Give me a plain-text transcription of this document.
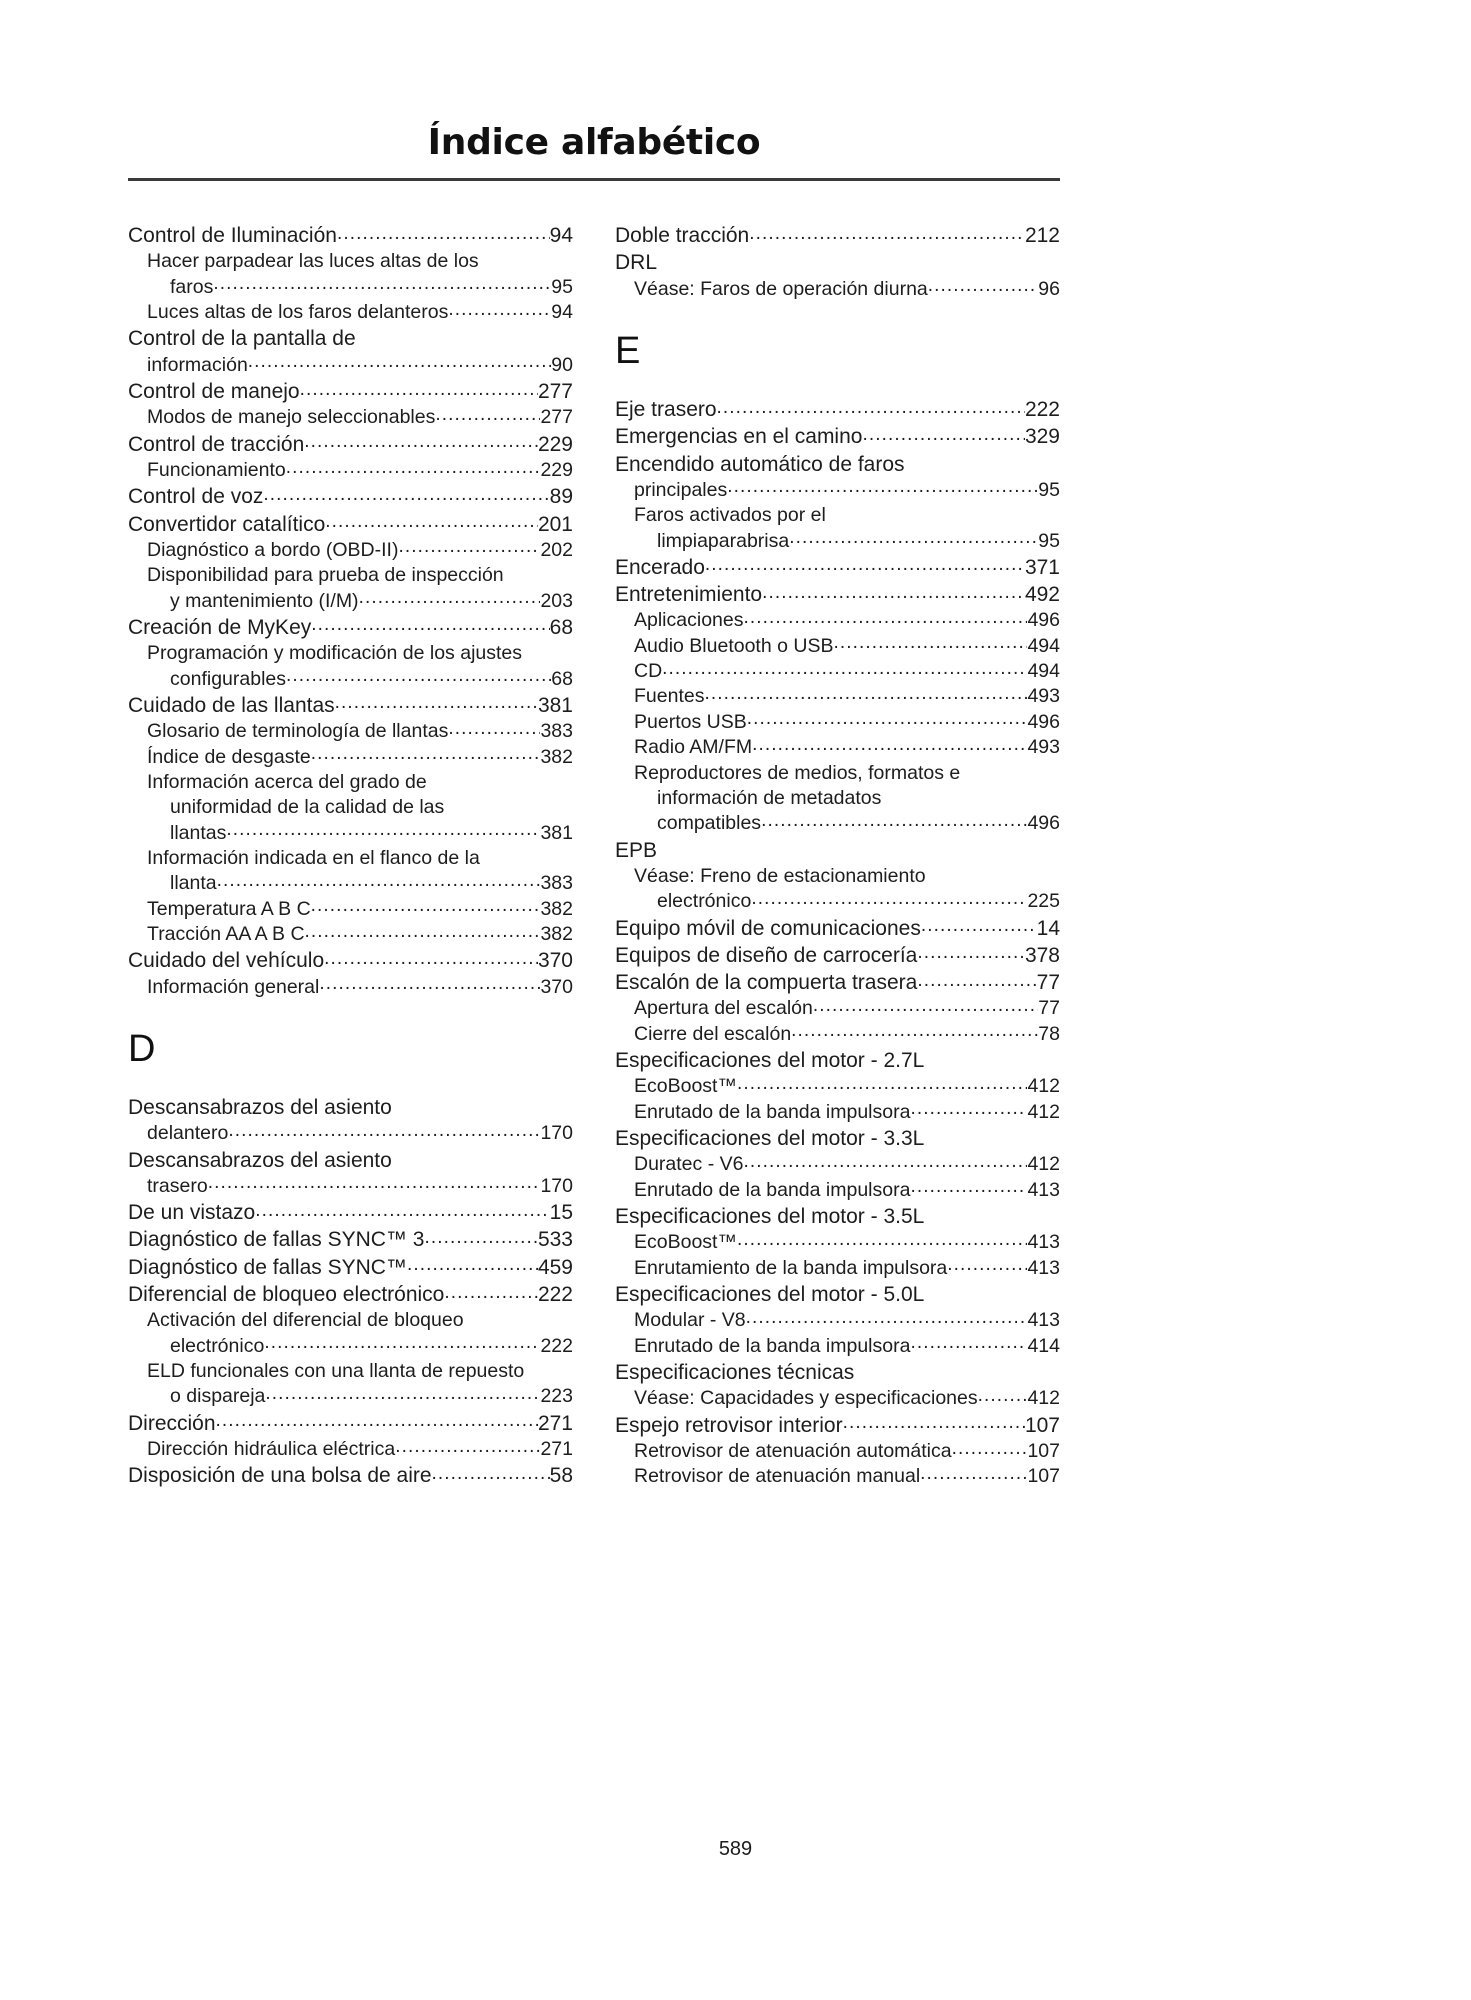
Índice alfabético
Control de Iluminación .....	94
Hacer parpadear las luces altas de los
faros .....	95
Luces altas de los faros delanteros .....	94
Control de la pantalla de
información .....	90
Control de manejo .....	277
Modos de manejo seleccionables .....	277
Control de tracción .....	229
Funcionamiento .....	229
Control de voz .....	89
Convertidor catalítico .....	201
Diagnóstico a bordo (OBD-II) .....	202
Disponibilidad para prueba de inspección
y mantenimiento (I/M) .....	203
Creación de MyKey .....	68
Programación y modificación de los ajustes
configurables .....	68
Cuidado de las llantas .....	381
Glosario de terminología de llantas .....	383
Índice de desgaste .....	382
Información acerca del grado de
uniformidad de la calidad de las
llantas .....	381
Información indicada en el flanco de la
llanta .....	383
Temperatura A B C .....	382
Tracción AA A B C .....	382
Cuidado del vehículo .....	370
Información general .....	370
D
Descansabrazos del asiento
delantero .....	170
Descansabrazos del asiento
trasero .....	170
De un vistazo .....	15
Diagnóstico de fallas SYNC™ 3 .....	533
Diagnóstico de fallas SYNC™ .....	459
Diferencial de bloqueo electrónico .....	222
Activación del diferencial de bloqueo
electrónico .....	222
ELD funcionales con una llanta de repuesto
o dispareja .....	223
Dirección .....	271
Dirección hidráulica eléctrica .....	271
Disposición de una bolsa de aire .....	58
Doble tracción .....	212
DRL
Véase: Faros de operación diurna .....	96
E
Eje trasero .....	222
Emergencias en el camino .....	329
Encendido automático de faros
principales .....	95
Faros activados por el
limpiaparabrisa .....	95
Encerado .....	371
Entretenimiento .....	492
Aplicaciones .....	496
Audio Bluetooth o USB .....	494
CD .....	494
Fuentes .....	493
Puertos USB .....	496
Radio AM/FM .....	493
Reproductores de medios, formatos e
información de metadatos
compatibles .....	496
EPB
Véase: Freno de estacionamiento
electrónico .....	225
Equipo móvil de comunicaciones .....	14
Equipos de diseño de carrocería .....	378
Escalón de la compuerta trasera .....	77
Apertura del escalón .....	77
Cierre del escalón .....	78
Especificaciones del motor - 2.7L
EcoBoost™ .....	412
Enrutado de la banda impulsora .....	412
Especificaciones del motor - 3.3L
Duratec - V6 .....	412
Enrutado de la banda impulsora .....	413
Especificaciones del motor - 3.5L
EcoBoost™ .....	413
Enrutamiento de la banda impulsora .....	413
Especificaciones del motor - 5.0L
Modular - V8 .....	413
Enrutado de la banda impulsora .....	414
Especificaciones técnicas
Véase: Capacidades y especificaciones .....	412
Espejo retrovisor interior .....	107
Retrovisor de atenuación automática .....	107
Retrovisor de atenuación manual .....	107
589
